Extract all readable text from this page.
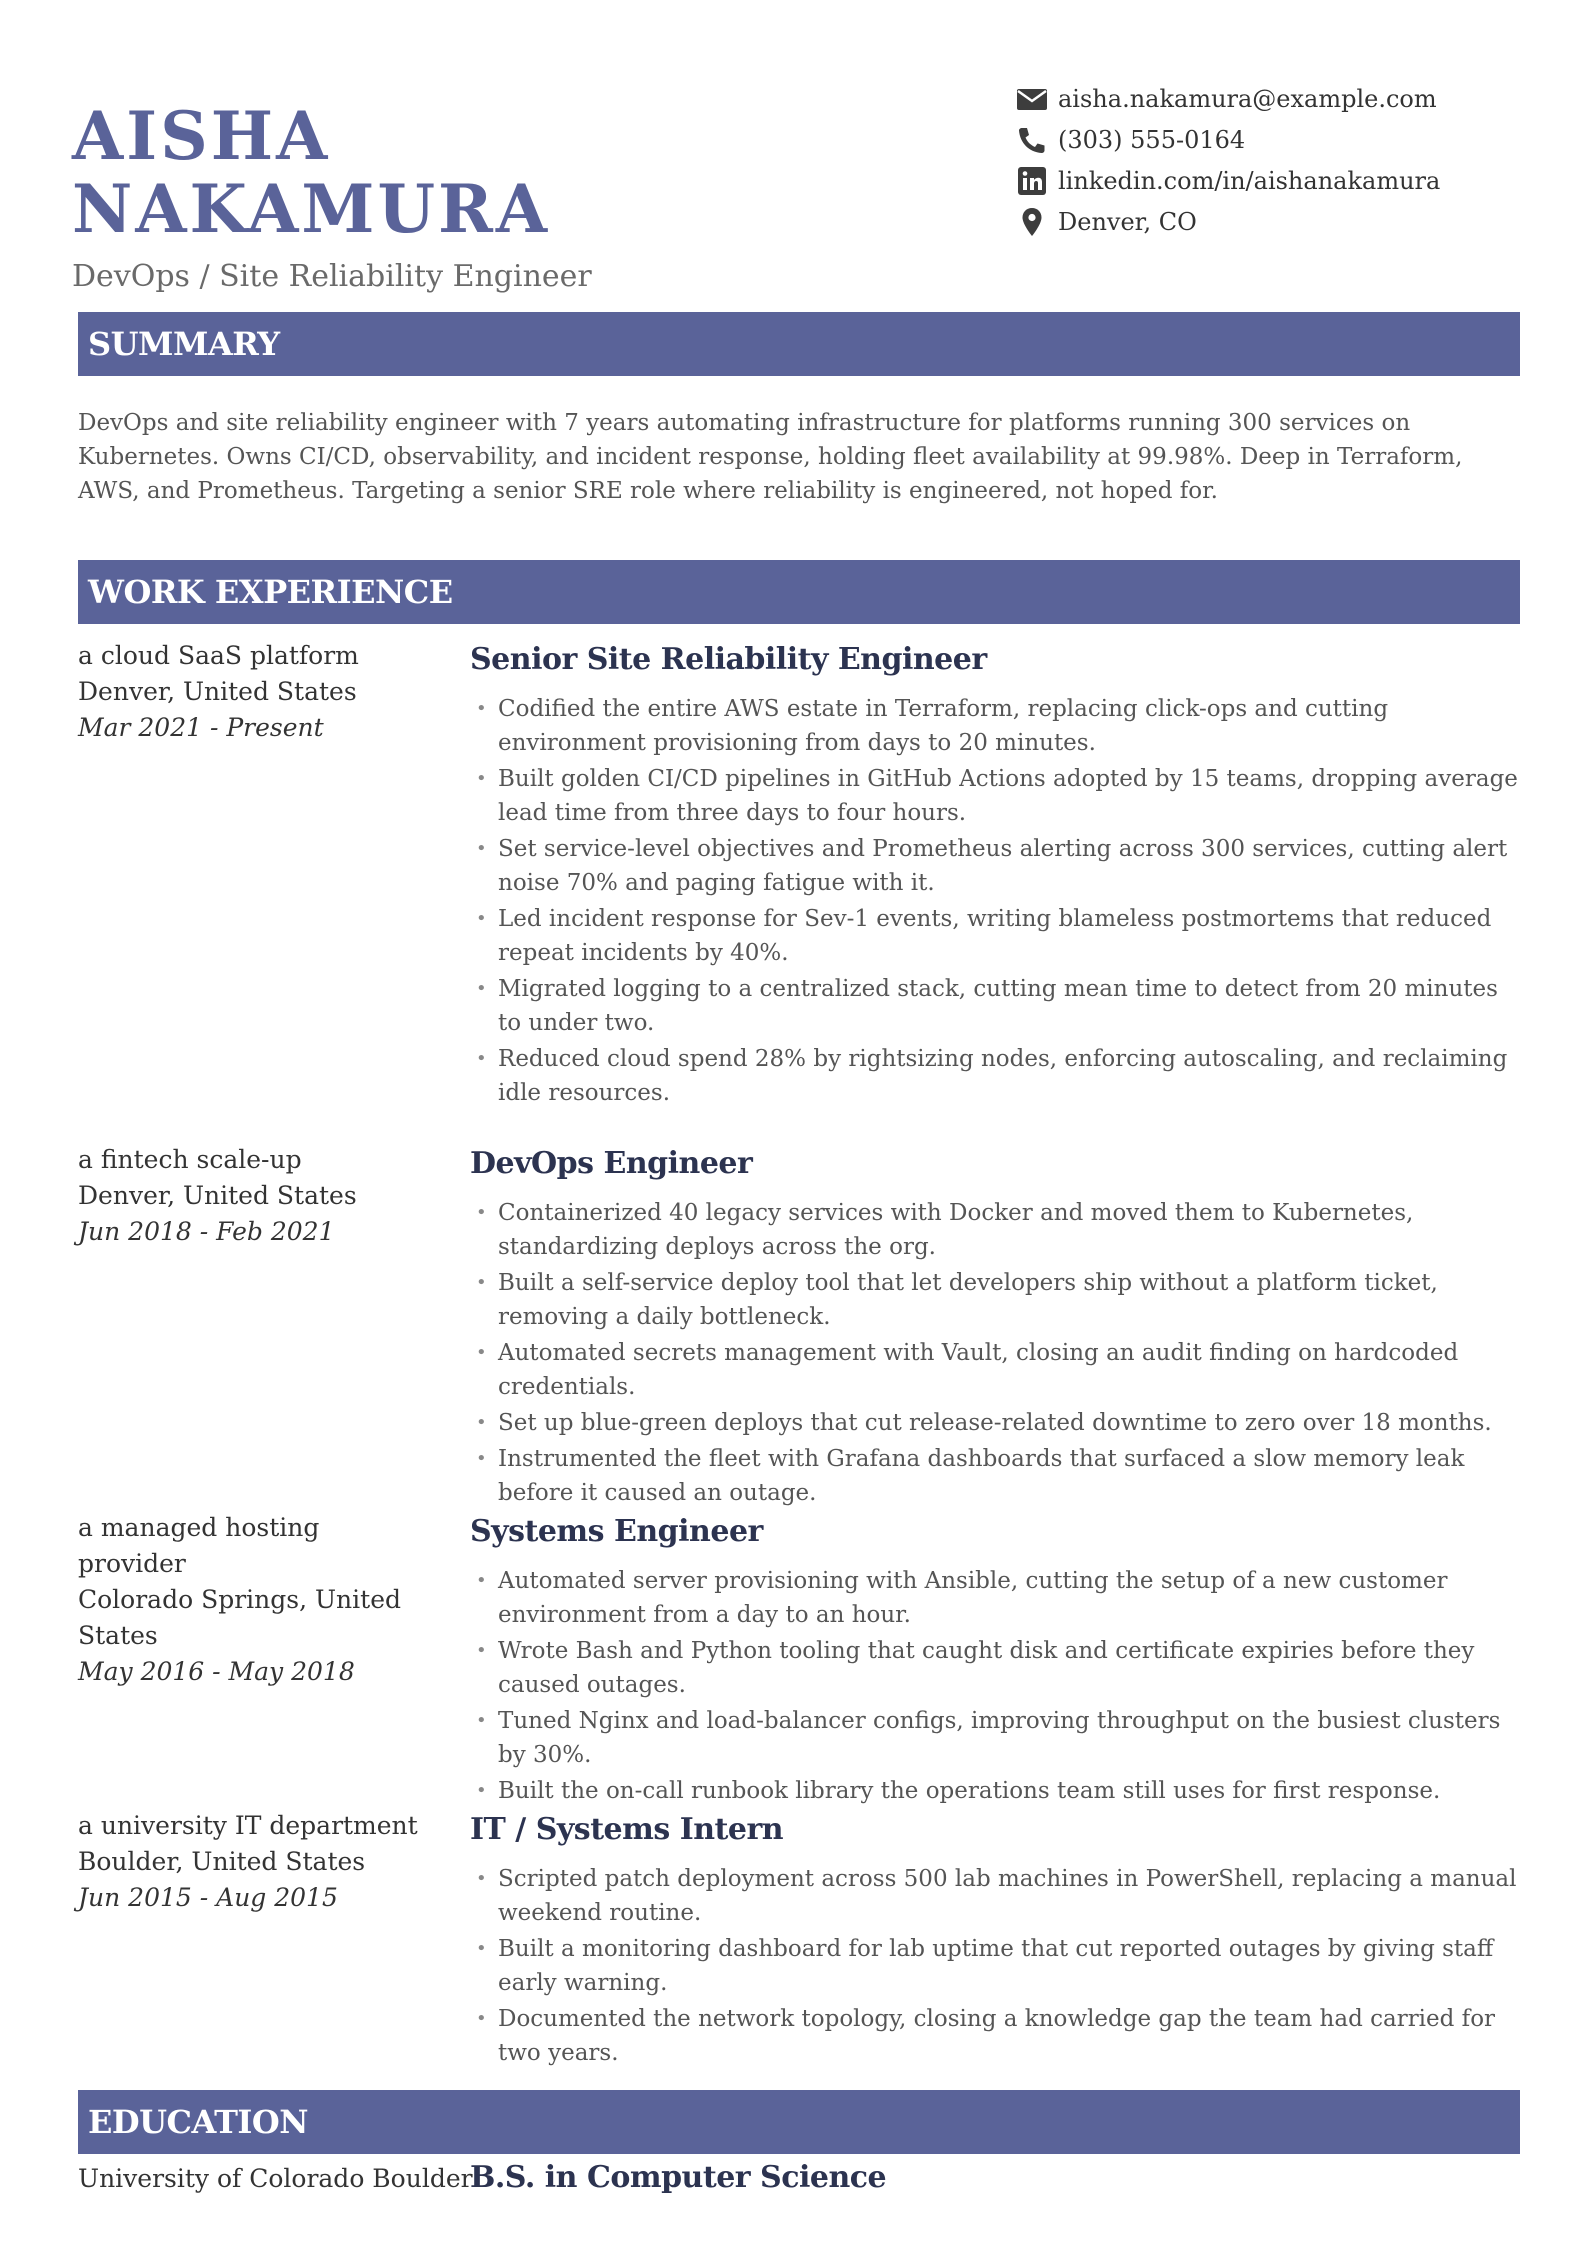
AISHA NAKAMURA
DevOps / Site Reliability Engineer
aisha.nakamura@example.com
(303) 555-0164
linkedin.com/in/aishanakamura
Denver, CO
SUMMARY
DevOps and site reliability engineer with 7 years automating infrastructure for platforms running 300 services on Kubernetes. Owns CI/CD, observability, and incident response, holding fleet availability at 99.98%. Deep in Terraform, AWS, and Prometheus. Targeting a senior SRE role where reliability is engineered, not hoped for.
WORK EXPERIENCE
a cloud SaaS platform
Denver, United States
Mar 2021 - Present
Senior Site Reliability Engineer
• Codified the entire AWS estate in Terraform, replacing click-ops and cutting environment provisioning from days to 20 minutes.
• Built golden CI/CD pipelines in GitHub Actions adopted by 15 teams, dropping average lead time from three days to four hours.
• Set service-level objectives and Prometheus alerting across 300 services, cutting alert noise 70% and paging fatigue with it.
• Led incident response for Sev-1 events, writing blameless postmortems that reduced repeat incidents by 40%.
• Migrated logging to a centralized stack, cutting mean time to detect from 20 minutes to under two.
• Reduced cloud spend 28% by rightsizing nodes, enforcing autoscaling, and reclaiming idle resources.
a fintech scale-up
Denver, United States
Jun 2018 - Feb 2021
DevOps Engineer
• Containerized 40 legacy services with Docker and moved them to Kubernetes, standardizing deploys across the org.
• Built a self-service deploy tool that let developers ship without a platform ticket, removing a daily bottleneck.
• Automated secrets management with Vault, closing an audit finding on hardcoded credentials.
• Set up blue-green deploys that cut release-related downtime to zero over 18 months.
• Instrumented the fleet with Grafana dashboards that surfaced a slow memory leak before it caused an outage.
a managed hosting provider
Colorado Springs, United States
May 2016 - May 2018
Systems Engineer
• Automated server provisioning with Ansible, cutting the setup of a new customer environment from a day to an hour.
• Wrote Bash and Python tooling that caught disk and certificate expiries before they caused outages.
• Tuned Nginx and load-balancer configs, improving throughput on the busiest clusters by 30%.
• Built the on-call runbook library the operations team still uses for first response.
a university IT department
Boulder, United States
Jun 2015 - Aug 2015
IT / Systems Intern
• Scripted patch deployment across 500 lab machines in PowerShell, replacing a manual weekend routine.
• Built a monitoring dashboard for lab uptime that cut reported outages by giving staff early warning.
• Documented the network topology, closing a knowledge gap the team had carried for two years.
EDUCATION
University of Colorado Boulder
B.S. in Computer Science
